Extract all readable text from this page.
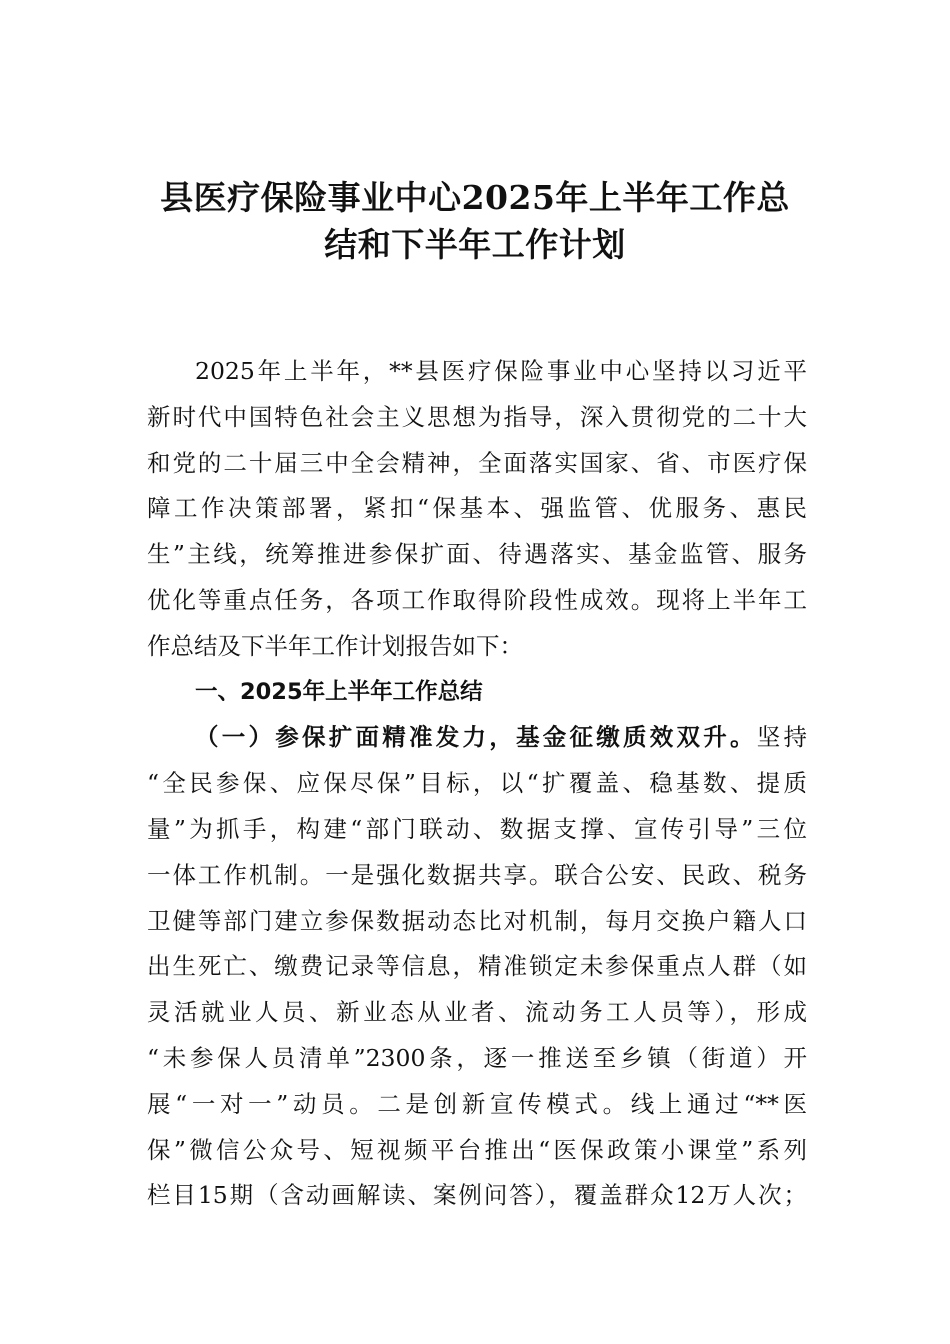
县医疗保险事业中心2025年上半年工作总
结和下半年工作计划
2025年上半年，**县医疗保险事业中心坚持以习近平
新时代中国特色社会主义思想为指导，深入贯彻党的二十大
和党的二十届三中全会精神，全面落实国家、省、市医疗保
障工作决策部署，紧扣“保基本、强监管、优服务、惠民
生”主线，统筹推进参保扩面、待遇落实、基金监管、服务
优化等重点任务，各项工作取得阶段性成效。现将上半年工
作总结及下半年工作计划报告如下：
一、2025年上半年工作总结
（一）参保扩面精准发力，基金征缴质效双升。坚持
“全民参保、应保尽保”目标，以“扩覆盖、稳基数、提质
量”为抓手，构建“部门联动、数据支撑、宣传引导”三位
一体工作机制。一是强化数据共享。联合公安、民政、税务
卫健等部门建立参保数据动态比对机制，每月交换户籍人口
出生死亡、缴费记录等信息，精准锁定未参保重点人群（如
灵活就业人员、新业态从业者、流动务工人员等），形成
“未参保人员清单”2300条，逐一推送至乡镇（街道）开
展“一对一”动员。二是创新宣传模式。线上通过“**医
保”微信公众号、短视频平台推出“医保政策小课堂”系列
栏目15期（含动画解读、案例问答），覆盖群众12万人次；
